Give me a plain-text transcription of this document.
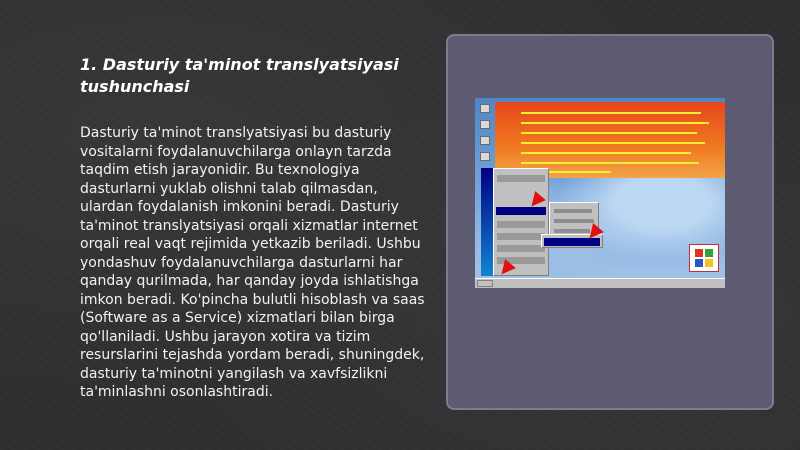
1. Dasturiy ta'minot translyatsiyasi tushunchasi

Dasturiy ta'minot translyatsiyasi bu dasturiy vositalarni foydalanuvchilarga onlayn tarzda taqdim etish jarayonidir. Bu texnologiya dasturlarni yuklab olishni talab qilmasdan, ulardan foydalanish imkonini beradi. Dasturiy ta'minot translyatsiyasi orqali xizmatlar internet orqali real vaqt rejimida yetkazib beriladi. Ushbu yondashuv foydalanuvchilarga dasturlarni har qanday qurilmada, har qanday joyda ishlatishga imkon beradi. Ko'pincha bulutli hisoblash va saas (Software as a Service) xizmatlari bilan birga qo'llaniladi. Ushbu jarayon xotira va tizim resurslarini tejashda yordam beradi, shuningdek, dasturiy ta'minotni yangilash va xavfsizlikni ta'minlashni osonlashtiradi.
